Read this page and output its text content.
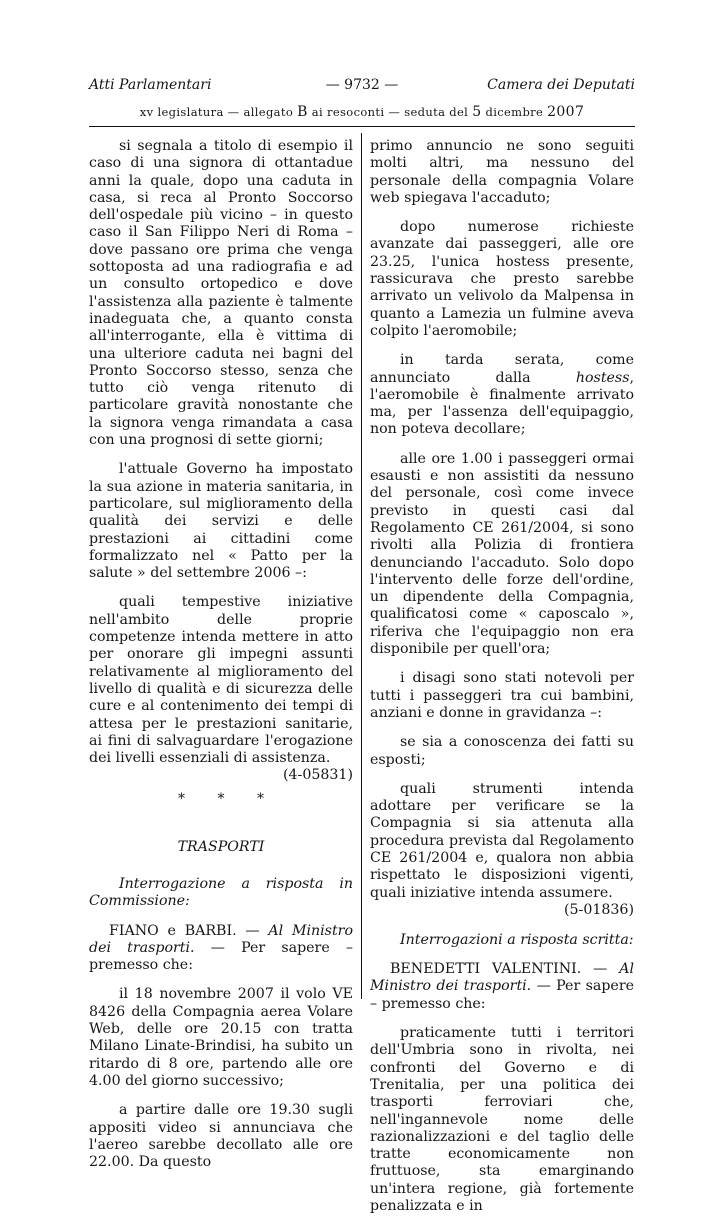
Atti Parlamentari	— 9732 —	Camera dei Deputati
xv legislatura — allegato B ai resoconti — seduta del 5 dicembre 2007

si segnala a titolo di esempio il caso di una signora di ottantadue anni la quale, dopo una caduta in casa, si reca al Pronto Soccorso dell'ospedale più vicino – in questo caso il San Filippo Neri di Roma – dove passano ore prima che venga sottoposta ad una radiografia e ad un consulto ortopedico e dove l'assistenza alla paziente è talmente inadeguata che, a quanto consta all'interrogante, ella è vittima di una ulteriore caduta nei bagni del Pronto Soccorso stesso, senza che tutto ciò venga ritenuto di particolare gravità nonostante che la signora venga rimandata a casa con una prognosi di sette giorni;

l'attuale Governo ha impostato la sua azione in materia sanitaria, in particolare, sul miglioramento della qualità dei servizi e delle prestazioni ai cittadini come formalizzato nel « Patto per la salute » del settembre 2006 –:

quali tempestive iniziative nell'ambito delle proprie competenze intenda mettere in atto per onorare gli impegni assunti relativamente al miglioramento del livello di qualità e di sicurezza delle cure e al contenimento dei tempi di attesa per le prestazioni sanitarie, ai fini di salvaguardare l'erogazione dei livelli essenziali di assistenza.
(4-05831)

* * *
TRASPORTI

Interrogazione a risposta in Commissione:

FIANO e BARBI. — Al Ministro dei trasporti. — Per sapere – premesso che:

il 18 novembre 2007 il volo VE 8426 della Compagnia aerea Volare Web, delle ore 20.15 con tratta Milano Linate-Brindisi, ha subito un ritardo di 8 ore, partendo alle ore 4.00 del giorno successivo;

a partire dalle ore 19.30 sugli appositi video si annunciava che l'aereo sarebbe decollato alle ore 22.00. Da questo

primo annuncio ne sono seguiti molti altri, ma nessuno del personale della compagnia Volare web spiegava l'accaduto;

dopo numerose richieste avanzate dai passeggeri, alle ore 23.25, l'unica hostess presente, rassicurava che presto sarebbe arrivato un velivolo da Malpensa in quanto a Lamezia un fulmine aveva colpito l'aeromobile;

in tarda serata, come annunciato dalla hostess, l'aeromobile è finalmente arrivato ma, per l'assenza dell'equipaggio, non poteva decollare;

alle ore 1.00 i passeggeri ormai esausti e non assistiti da nessuno del personale, così come invece previsto in questi casi dal Regolamento CE 261/2004, si sono rivolti alla Polizia di frontiera denunciando l'accaduto. Solo dopo l'intervento delle forze dell'ordine, un dipendente della Compagnia, qualificatosi come « caposcalo », riferiva che l'equipaggio non era disponibile per quell'ora;

i disagi sono stati notevoli per tutti i passeggeri tra cui bambini, anziani e donne in gravidanza –:

se sia a conoscenza dei fatti su esposti;

quali strumenti intenda adottare per verificare se la Compagnia si sia attenuta alla procedura prevista dal Regolamento CE 261/2004 e, qualora non abbia rispettato le disposizioni vigenti, quali iniziative intenda assumere.
(5-01836)

Interrogazioni a risposta scritta:

BENEDETTI VALENTINI. — Al Ministro dei trasporti. — Per sapere – premesso che:

praticamente tutti i territori dell'Umbria sono in rivolta, nei confronti del Governo e di Trenitalia, per una politica dei trasporti ferroviari che, nell'ingannevole nome delle razionalizzazioni e del taglio delle tratte economicamente non fruttuose, sta emarginando un'intera regione, già fortemente penalizzata e in
